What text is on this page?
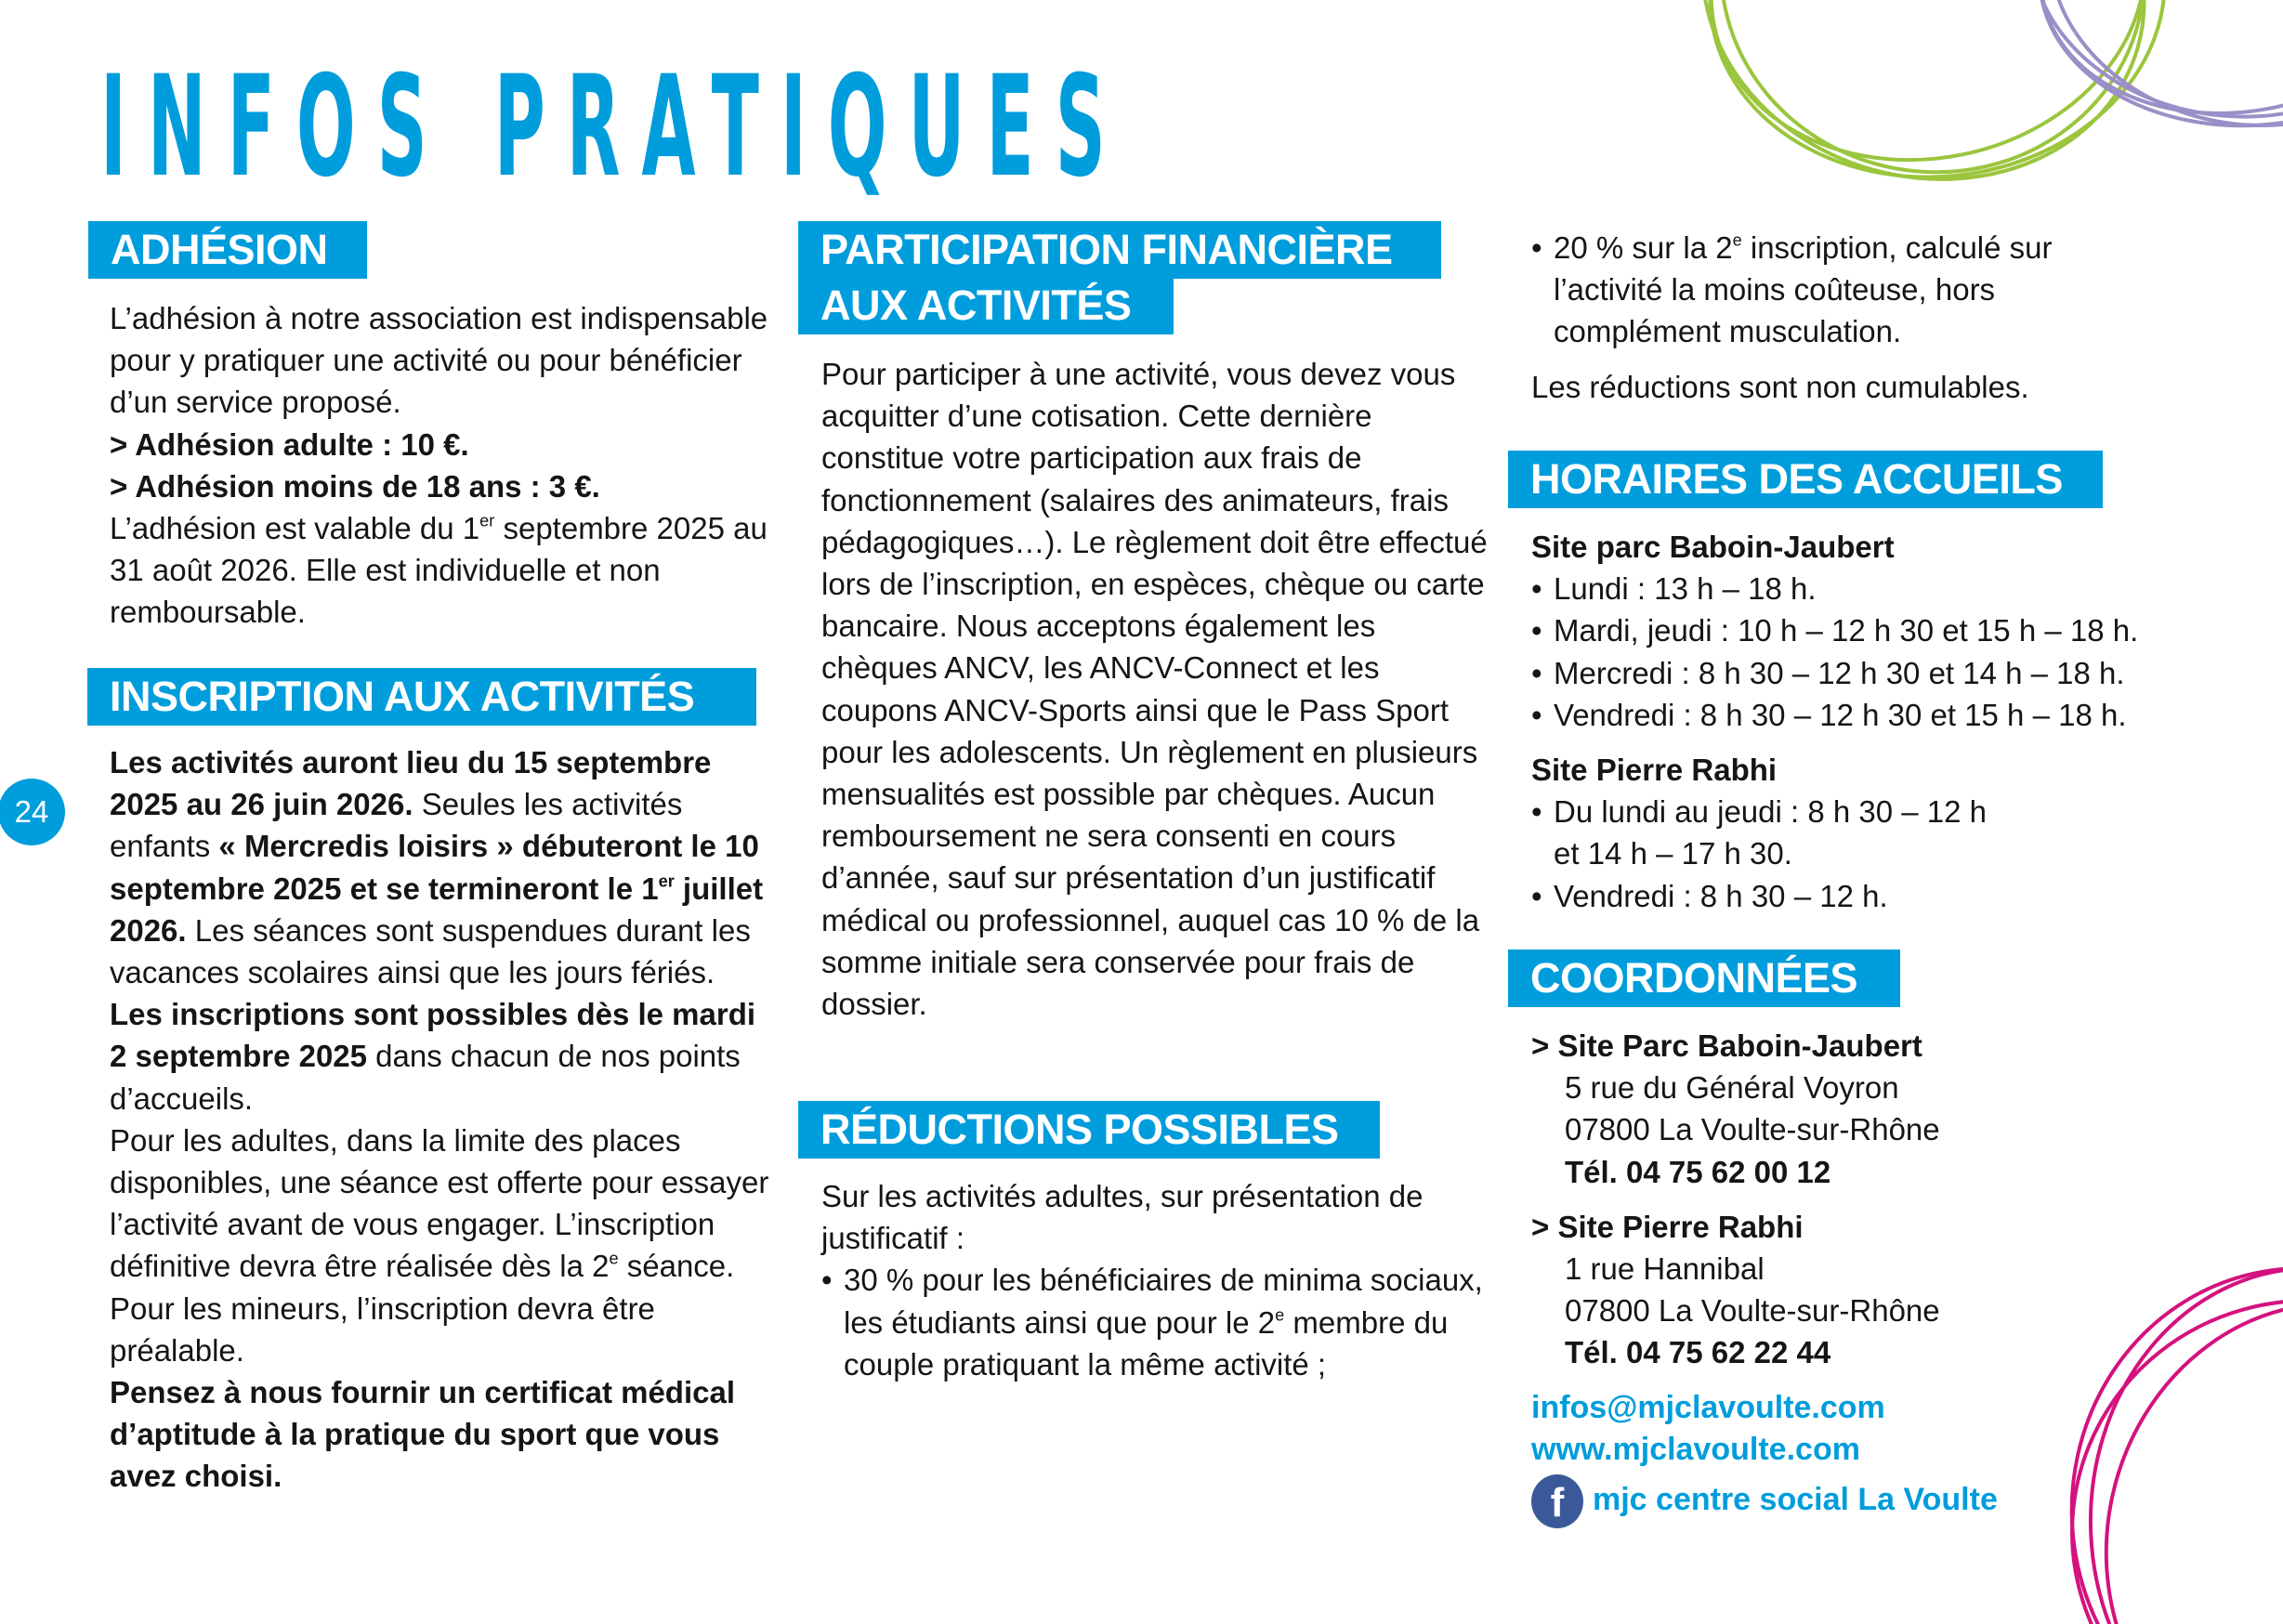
INFOS PRATIQUES
24
ADHÉSION

L’adhésion à notre association est indispensable pour y pratiquer une activité ou pour bénéficier d’un service proposé.

> Adhésion adulte : 10 €.

> Adhésion moins de 18 ans : 3 €.

L’adhésion est valable du 1er septembre 2025 au 31 août 2026. Elle est individuelle et non remboursable.

INSCRIPTION AUX ACTIVITÉS

Les activités auront lieu du 15 septembre 2025 au 26 juin 2026. Seules les activités enfants « Mercredis loisirs » débuteront le 10 septembre 2025 et se termineront le 1er juillet 2026. Les séances sont suspendues durant les vacances scolaires ainsi que les jours fériés.

Les inscriptions sont possibles dès le mardi 2 septembre 2025 dans chacun de nos points d’accueils.

Pour les adultes, dans la limite des places disponibles, une séance est offerte pour essayer l’activité avant de vous engager. L’inscription définitive devra être réalisée dès la 2e séance. Pour les mineurs, l’inscription devra être préalable.

Pensez à nous fournir un certificat médical d’aptitude à la pratique du sport que vous avez choisi.

PARTICIPATION FINANCIÈRE
AUX ACTIVITÉS
Pour participer à une activité, vous devez vous acquitter d’une cotisation. Cette dernière constitue votre participation aux frais de fonctionnement (salaires des animateurs, frais pédagogiques…). Le règlement doit être effectué lors de l’inscription, en espèces, chèque ou carte bancaire. Nous acceptons également les chèques ANCV, les ANCV-Connect et les coupons ANCV-Sports ainsi que le Pass Sport pour les adolescents. Un règlement en plusieurs mensualités est possible par chèques. Aucun remboursement ne sera consenti en cours d’année, sauf sur présentation d’un justificatif médical ou professionnel, auquel cas 10 % de la somme initiale sera conservée pour frais de dossier.
RÉDUCTIONS POSSIBLES

Sur les activités adultes, sur présentation de justificatif :

• 30 % pour les bénéficiaires de minima sociaux, les étudiants ainsi que pour le 2e membre du couple pratiquant la même activité ;
• 20 % sur la 2e inscription, calculé sur l’activité la moins coûteuse, hors complément musculation.

Les réductions sont non cumulables.

HORAIRES DES ACCUEILS

Site parc Baboin-Jaubert

• Lundi : 13 h – 18 h.
• Mardi, jeudi : 10 h – 12 h 30 et 15 h – 18 h.
• Mercredi : 8 h 30 – 12 h 30 et 14 h – 18 h.
• Vendredi : 8 h 30 – 12 h 30 et 15 h – 18 h.

Site Pierre Rabhi

• Du lundi au jeudi : 8 h 30 – 12 h et 14 h – 17 h 30.
• Vendredi : 8 h 30 – 12 h.
COORDONNÉES

> Site Parc Baboin-Jaubert

5 rue du Général Voyron

07800 La Voulte-sur-Rhône

Tél. 04 75 62 00 12

> Site Pierre Rabhi

1 rue Hannibal

07800 La Voulte-sur-Rhône

Tél. 04 75 62 22 44

infos@mjclavoulte.com
www.mjclavoulte.com
f mjc centre social La Voulte
